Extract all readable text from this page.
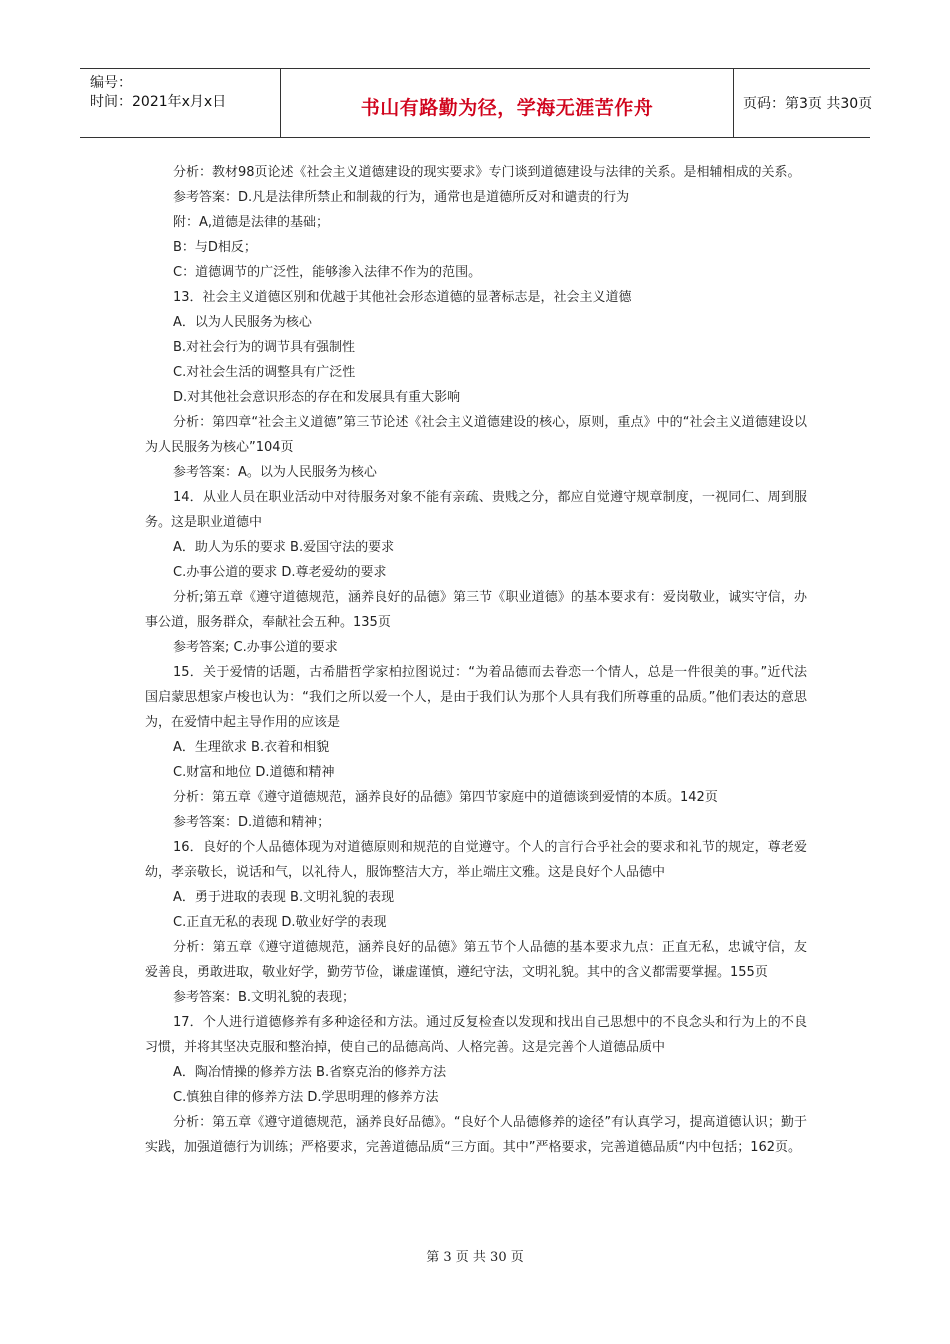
编号：
时间：2021年x月x日	书山有路勤为径，学海无涯苦作舟	页码：第3页 共30页

分析：教材98页论述《社会主义道德建设的现实要求》专门谈到道德建设与法律的关系。是相辅相成的关系。

参考答案：D.凡是法律所禁止和制裁的行为，通常也是道德所反对和谴责的行为

附：A,道德是法律的基础；

B：与D相反；

C：道德调节的广泛性，能够渗入法律不作为的范围。

13．社会主义道德区别和优越于其他社会形态道德的显著标志是，社会主义道德

A．以为人民服务为核心

B.对社会行为的调节具有强制性

C.对社会生活的调整具有广泛性

D.对其他社会意识形态的存在和发展具有重大影响

分析：第四章“社会主义道德”第三节论述《社会主义道德建设的核心，原则，重点》中的“社会主义道德建设以为人民服务为核心”104页

参考答案：A。以为人民服务为核心

14．从业人员在职业活动中对待服务对象不能有亲疏、贵贱之分，都应自觉遵守规章制度，一视同仁、周到服务。这是职业道德中

A．助人为乐的要求 B.爱国守法的要求

C.办事公道的要求 D.尊老爱幼的要求

分析;第五章《遵守道德规范，涵养良好的品德》第三节《职业道德》的基本要求有：爱岗敬业，诚实守信，办事公道，服务群众，奉献社会五种。135页

参考答案; C.办事公道的要求

15．关于爱情的话题，古希腊哲学家柏拉图说过：“为着品德而去眷恋一个情人，总是一件很美的事。”近代法国启蒙思想家卢梭也认为：“我们之所以爱一个人，是由于我们认为那个人具有我们所尊重的品质。”他们表达的意思为，在爱情中起主导作用的应该是

A．生理欲求 B.衣着和相貌

C.财富和地位 D.道德和精神

分析：第五章《遵守道德规范，涵养良好的品德》第四节家庭中的道德谈到爱情的本质。142页

参考答案：D.道德和精神；

16．良好的个人品德体现为对道德原则和规范的自觉遵守。个人的言行合乎社会的要求和礼节的规定，尊老爱幼，孝亲敬长，说话和气，以礼待人，服饰整洁大方，举止端庄文雅。这是良好个人品德中

A．勇于进取的表现 B.文明礼貌的表现

C.正直无私的表现 D.敬业好学的表现

分析：第五章《遵守道德规范，涵养良好的品德》第五节个人品德的基本要求九点：正直无私，忠诚守信，友爱善良，勇敢进取，敬业好学，勤劳节俭，谦虚谨慎，遵纪守法，文明礼貌。其中的含义都需要掌握。155页

参考答案：B.文明礼貌的表现；

17．个人进行道德修养有多种途径和方法。通过反复检查以发现和找出自己思想中的不良念头和行为上的不良习惯，并将其坚决克服和整治掉，使自己的品德高尚、人格完善。这是完善个人道德品质中

A．陶冶情操的修养方法 B.省察克治的修养方法

C.慎独自律的修养方法 D.学思明理的修养方法

分析：第五章《遵守道德规范，涵养良好品德》。“良好个人品德修养的途径”有认真学习，提高道德认识；勤于实践，加强道德行为训练；严格要求，完善道德品质“三方面。其中”严格要求，完善道德品质“内中包括；162页。

第 3 页 共 30 页
